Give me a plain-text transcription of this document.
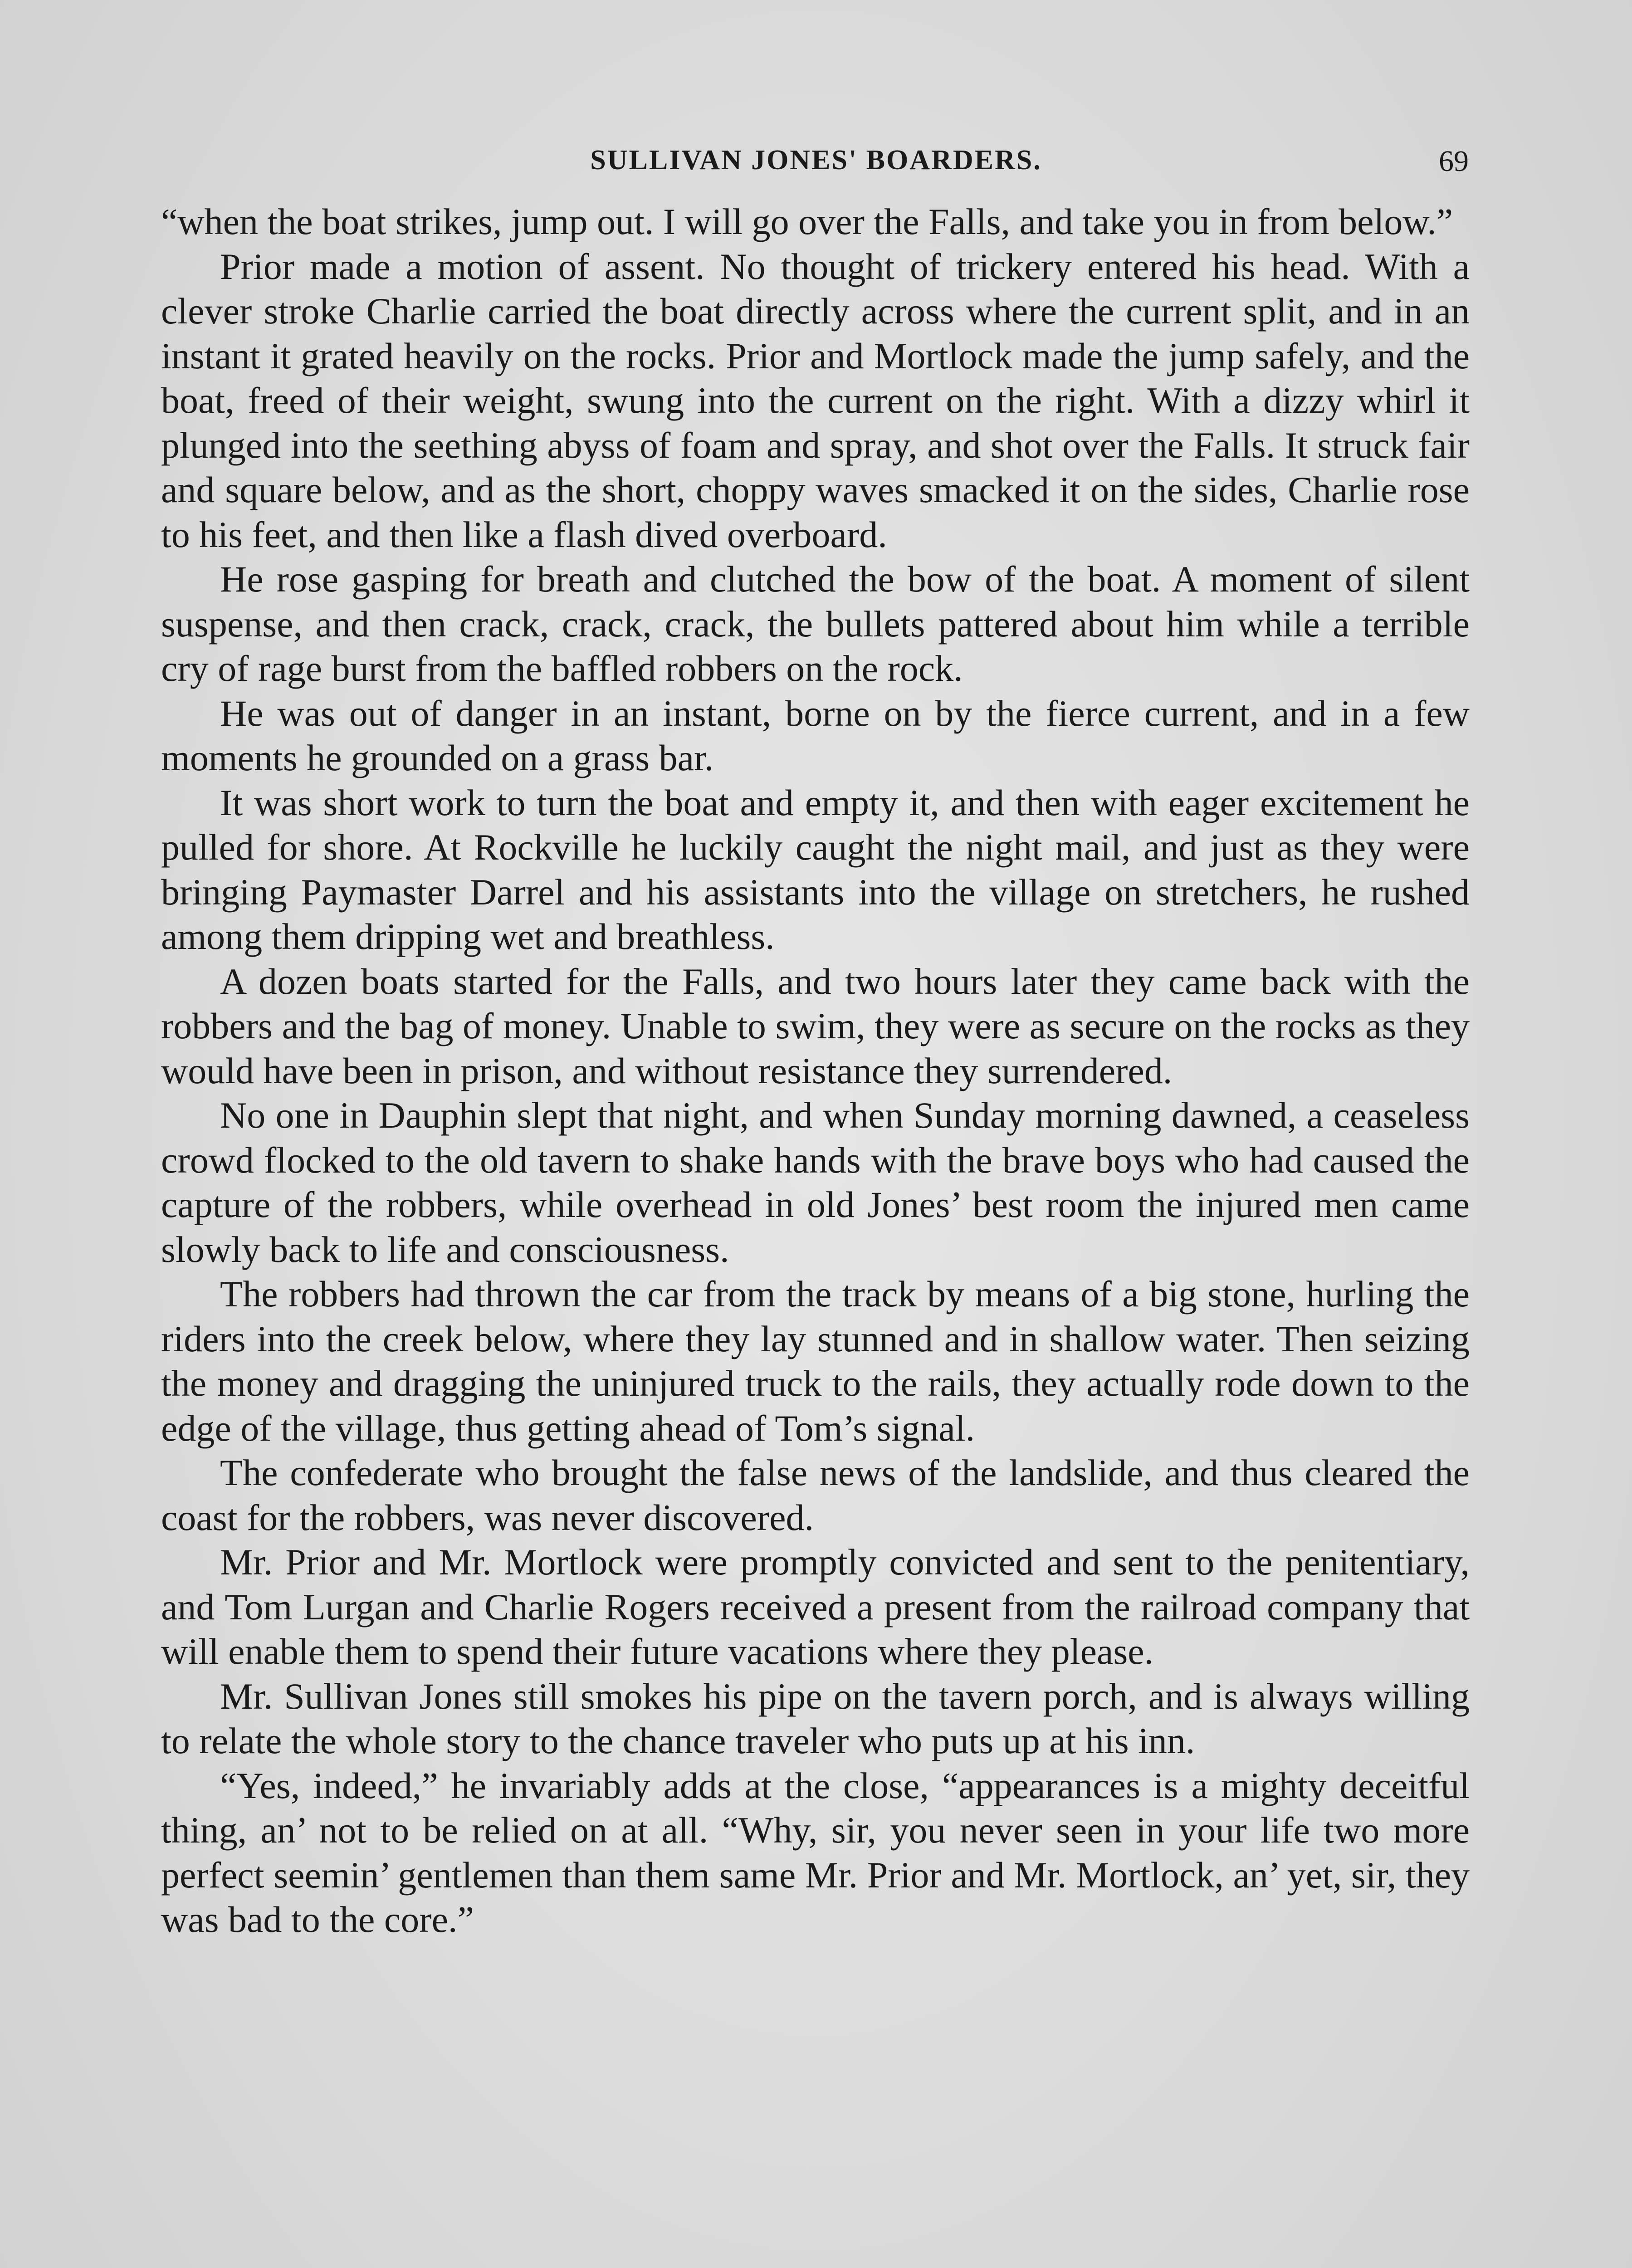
SULLIVAN JONES' BOARDERS.	69

“when the boat strikes, jump out. I will go over the Falls, and take you in from below.”

Prior made a motion of assent. No thought of trickery entered his head. With a clever stroke Charlie carried the boat directly across where the current split, and in an instant it grated heavily on the rocks. Prior and Mortlock made the jump safely, and the boat, freed of their weight, swung into the current on the right. With a dizzy whirl it plunged into the seething abyss of foam and spray, and shot over the Falls. It struck fair and square below, and as the short, choppy waves smacked it on the sides, Charlie rose to his feet, and then like a flash dived overboard.

He rose gasping for breath and clutched the bow of the boat. A moment of silent suspense, and then crack, crack, crack, the bullets pattered about him while a terrible cry of rage burst from the baffled robbers on the rock.

He was out of danger in an instant, borne on by the fierce current, and in a few moments he grounded on a grass bar.

It was short work to turn the boat and empty it, and then with eager excitement he pulled for shore. At Rockville he luckily caught the night mail, and just as they were bringing Paymaster Darrel and his assistants into the village on stretchers, he rushed among them dripping wet and breathless.

A dozen boats started for the Falls, and two hours later they came back with the robbers and the bag of money. Unable to swim, they were as secure on the rocks as they would have been in prison, and without resistance they surrendered.

No one in Dauphin slept that night, and when Sunday morning dawned, a ceaseless crowd flocked to the old tavern to shake hands with the brave boys who had caused the capture of the robbers, while overhead in old Jones’ best room the injured men came slowly back to life and consciousness.

The robbers had thrown the car from the track by means of a big stone, hurling the riders into the creek below, where they lay stunned and in shallow water. Then seizing the money and dragging the uninjured truck to the rails, they actually rode down to the edge of the village, thus getting ahead of Tom’s signal.

The confederate who brought the false news of the landslide, and thus cleared the coast for the robbers, was never discovered.

Mr. Prior and Mr. Mortlock were promptly convicted and sent to the penitentiary, and Tom Lurgan and Charlie Rogers received a present from the railroad company that will enable them to spend their future vacations where they please.

Mr. Sullivan Jones still smokes his pipe on the tavern porch, and is always willing to relate the whole story to the chance traveler who puts up at his inn.

“Yes, indeed,” he invariably adds at the close, “appearances is a mighty deceitful thing, an’ not to be relied on at all. “Why, sir, you never seen in your life two more perfect seemin’ gentlemen than them same Mr. Prior and Mr. Mortlock, an’ yet, sir, they was bad to the core.”
